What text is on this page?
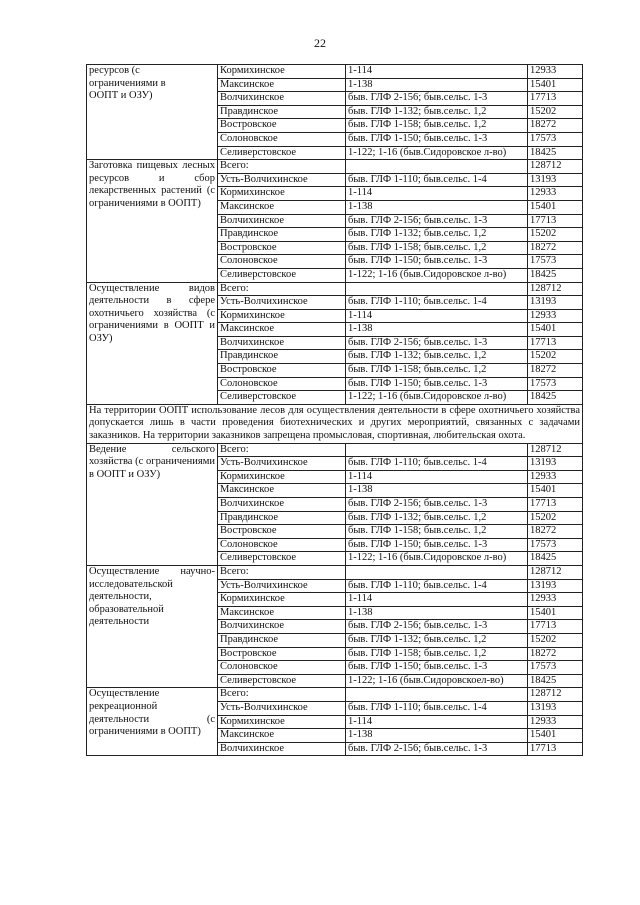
22
ресурсов (с
ограничениями в
ООПТ и ОЗУ)	Кормихинское	1-114	12933
	Максинское	1-138	15401
	Волчихинское	быв. ГЛФ 2-156; быв.сельс. 1-3	17713
	Правдинское	быв. ГЛФ 1-132; быв.сельс. 1,2	15202
	Востровское	быв. ГЛФ 1-158; быв.сельс. 1,2	18272
	Солоновское	быв. ГЛФ 1-150; быв.сельс. 1-3	17573
	Селиверстовское	1-122; 1-16 (быв.Сидоровское л-во)	18425

Заготовка пищевых лесных ресурсов и сбор лекарственных растений (с ограничениями в ООПТ)	Всего:		128712
	Усть-Волчихинское	быв. ГЛФ 1-110; быв.сельс. 1-4	13193
	Кормихинское	1-114	12933
	Максинское	1-138	15401
	Волчихинское	быв. ГЛФ 2-156; быв.сельс. 1-3	17713
	Правдинское	быв. ГЛФ 1-132; быв.сельс. 1,2	15202
	Востровское	быв. ГЛФ 1-158; быв.сельс. 1,2	18272
	Солоновское	быв. ГЛФ 1-150; быв.сельс. 1-3	17573
	Селиверстовское	1-122; 1-16 (быв.Сидоровское л-во)	18425

Осуществление видов деятельности в сфере охотничьего хозяйства (с ограничениями в ООПТ и ОЗУ)	Всего:		128712
	Усть-Волчихинское	быв. ГЛФ 1-110; быв.сельс. 1-4	13193
	Кормихинское	1-114	12933
	Максинское	1-138	15401
	Волчихинское	быв. ГЛФ 2-156; быв.сельс. 1-3	17713
	Правдинское	быв. ГЛФ 1-132; быв.сельс. 1,2	15202
	Востровское	быв. ГЛФ 1-158; быв.сельс. 1,2	18272
	Солоновское	быв. ГЛФ 1-150; быв.сельс. 1-3	17573
	Селиверстовское	1-122; 1-16 (быв.Сидоровское л-во)	18425
На территории ООПТ использование лесов для осуществления деятельности в сфере охотничьего хозяйства допускается лишь в части проведения биотехнических и других мероприятий, связанных с задачами заказников. На территории заказников запрещена промысловая, спортивная, любительская охота.			

Ведение сельского хозяйства (с ограничениями в ООПТ и ОЗУ)	Всего:		128712
	Усть-Волчихинское	быв. ГЛФ 1-110; быв.сельс. 1-4	13193
	Кормихинское	1-114	12933
	Максинское	1-138	15401
	Волчихинское	быв. ГЛФ 2-156; быв.сельс. 1-3	17713
	Правдинское	быв. ГЛФ 1-132; быв.сельс. 1,2	15202
	Востровское	быв. ГЛФ 1-158; быв.сельс. 1,2	18272
	Солоновское	быв. ГЛФ 1-150; быв.сельс. 1-3	17573
	Селиверстовское	1-122; 1-16 (быв.Сидоровское л-во)	18425

Осуществление научно-исследовательской деятельности, образовательной деятельности	Всего:		128712
	Усть-Волчихинское	быв. ГЛФ 1-110; быв.сельс. 1-4	13193
	Кормихинское	1-114	12933
	Максинское	1-138	15401
	Волчихинское	быв. ГЛФ 2-156; быв.сельс. 1-3	17713
	Правдинское	быв. ГЛФ 1-132; быв.сельс. 1,2	15202
	Востровское	быв. ГЛФ 1-158; быв.сельс. 1,2	18272
	Солоновское	быв. ГЛФ 1-150; быв.сельс. 1-3	17573
	Селиверстовское	1-122; 1-16 (быв.Сидоровскоел-во)	18425

Осуществление рекреационной деятельности (с ограничениями в ООПТ)	Всего:		128712
	Усть-Волчихинское	быв. ГЛФ 1-110; быв.сельс. 1-4	13193
	Кормихинское	1-114	12933
	Максинское	1-138	15401
	Волчихинское	быв. ГЛФ 2-156; быв.сельс. 1-3	17713
